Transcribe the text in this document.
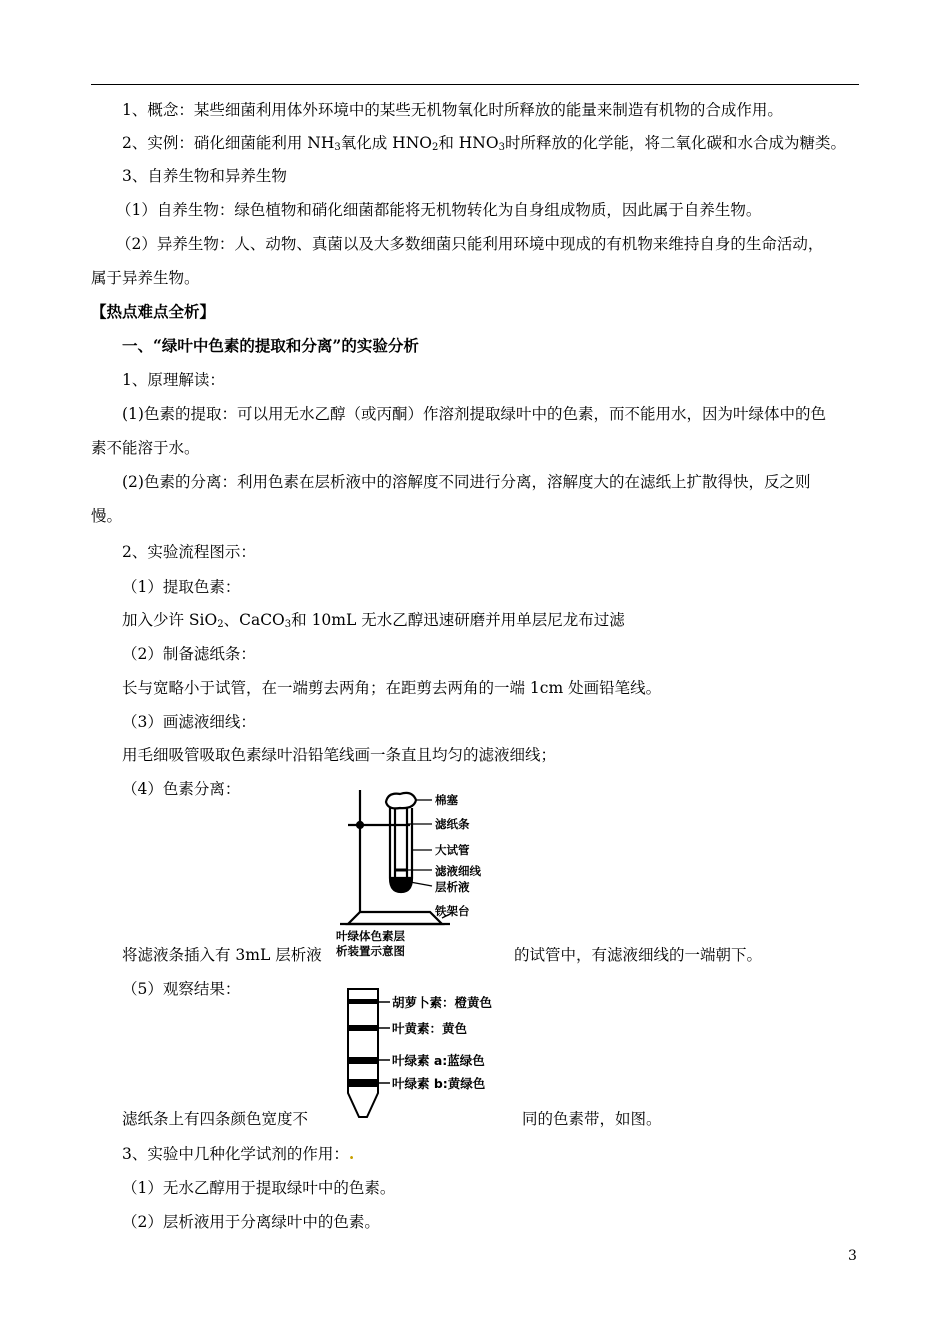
1、概念：某些细菌利用体外环境中的某些无机物氧化时所释放的能量来制造有机物的合成作用。
2、实例：硝化细菌能利用 $NH_3$氧化成 $HNO_2$和 $HNO_3$时所释放的化学能，将二氧化碳和水合成为糖类。
3、自养生物和异养生物
（1）自养生物：绿色植物和硝化细菌都能将无机物转化为自身组成物质，因此属于自养生物。
（2）异养生物：人、动物、真菌以及大多数细菌只能利用环境中现成的有机物来维持自身的生命活动，
属于异养生物。
【热点难点全析】
一、“绿叶中色素的提取和分离”的实验分析
1、原理解读：
(1)色素的提取：可以用无水乙醇（或丙酮）作溶剂提取绿叶中的色素，而不能用水，因为叶绿体中的色
素不能溶于水。
(2)色素的分离：利用色素在层析液中的溶解度不同进行分离，溶解度大的在滤纸上扩散得快，反之则
慢。
2、实验流程图示：
（1）提取色素：
加入少许 SiO$_2$、CaCO$_3$和 10mL 无水乙醇迅速研磨并用单层尼龙布过滤
（2）制备滤纸条：
长与宽略小于试管，在一端剪去两角；在距剪去两角的一端 1cm 处画铅笔线。
（3）画滤液细线：
用毛细吸管吸取色素绿叶沿铅笔线画一条直且均匀的滤液细线；
（4）色素分离：
棉塞
滤纸条
大试管
滤液细线
层析液
铁架台
叶绿体色素层
析装置示意图
将滤液条插入有 3mL 层析液	的试管中，有滤液细线的一端朝下。
（5）观察结果：
胡萝卜素：橙黄色
叶黄素：黄色
叶绿素 a:蓝绿色
叶绿素 b:黄绿色
滤纸条上有四条颜色宽度不	同的色素带，如图。
3、实验中几种化学试剂的作用：.
（1）无水乙醇用于提取绿叶中的色素。
（2）层析液用于分离绿叶中的色素。
3
